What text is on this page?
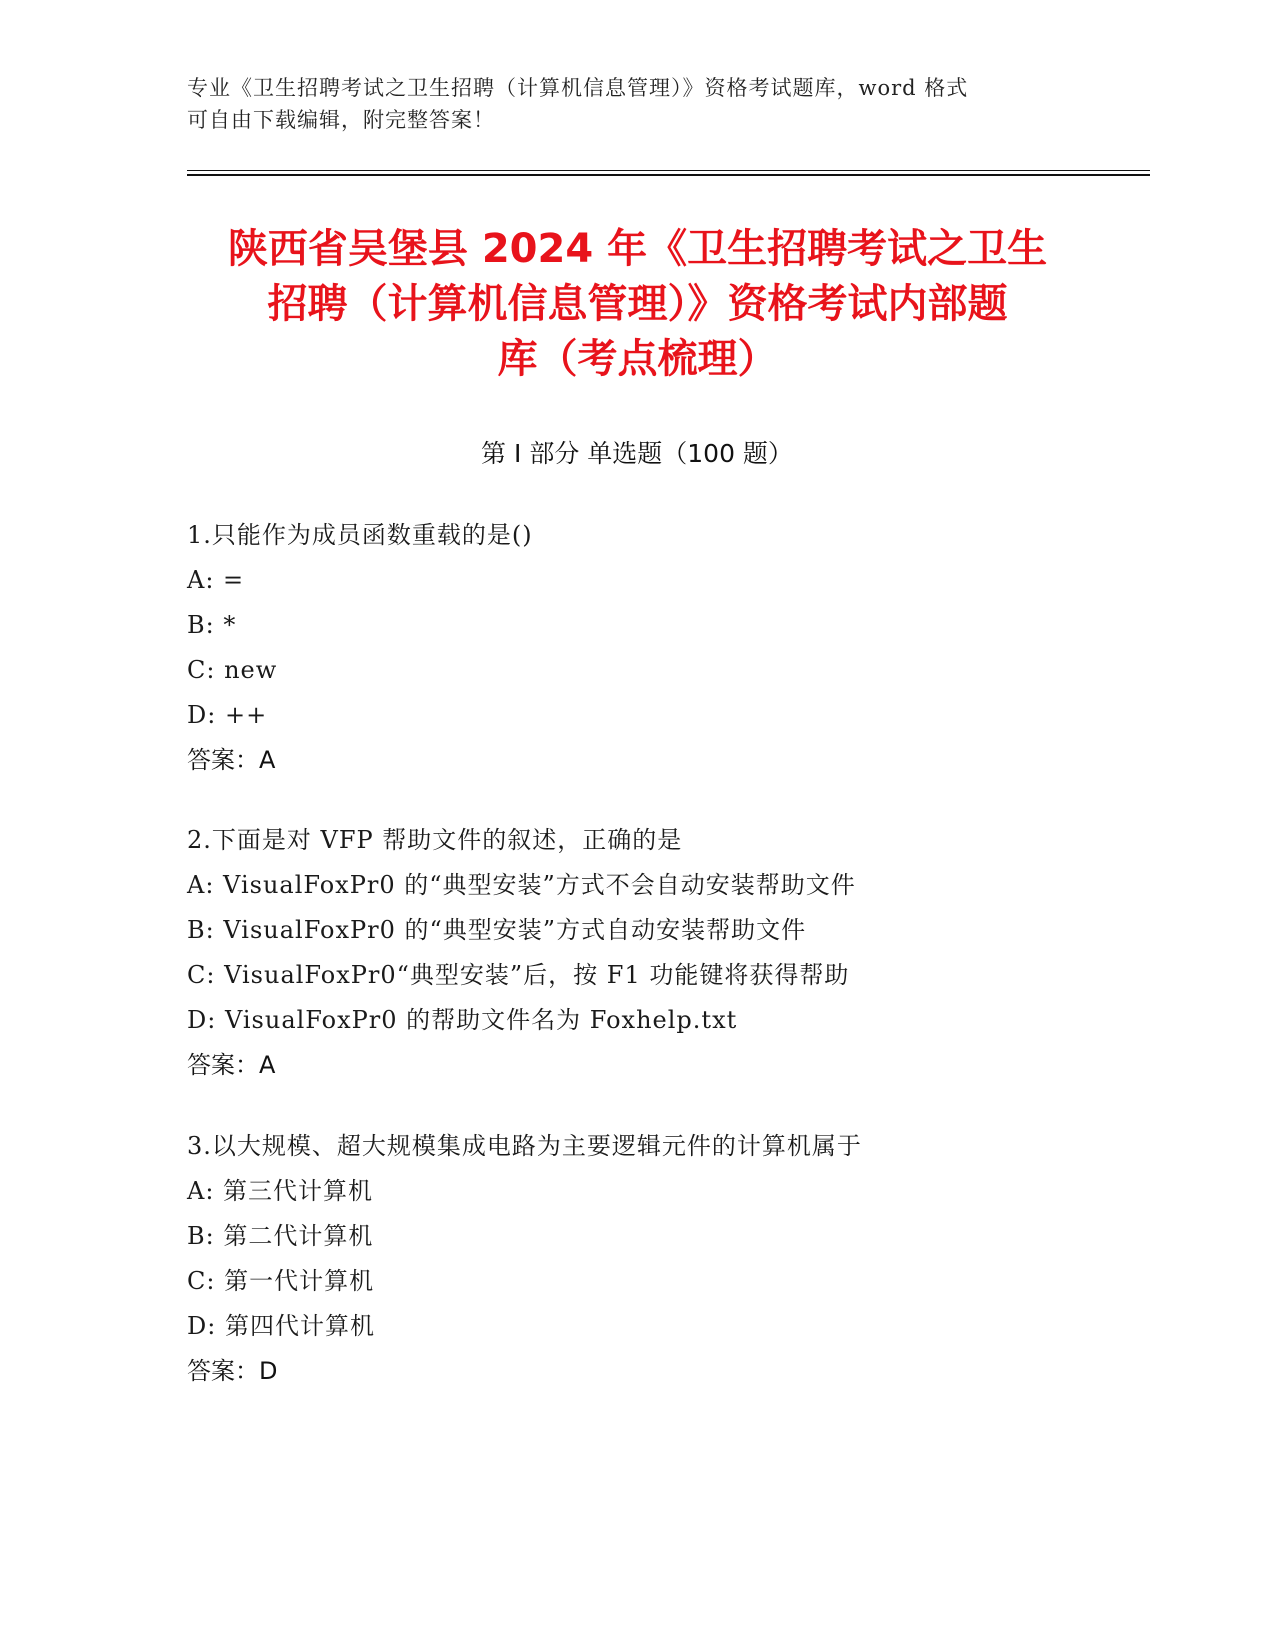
专业《卫生招聘考试之卫生招聘（计算机信息管理）》资格考试题库，word 格式
可自由下载编辑，附完整答案！
陕西省吴堡县 2024 年《卫生招聘考试之卫生
招聘（计算机信息管理）》资格考试内部题
库（考点梳理）
第 I 部分 单选题（100 题）
1.只能作为成员函数重载的是()
A: =
B: *
C: new
D: ++
答案：A
2.下面是对 VFP 帮助文件的叙述，正确的是
A: VisualFoxPr0 的“典型安装”方式不会自动安装帮助文件
B: VisualFoxPr0 的“典型安装”方式自动安装帮助文件
C: VisualFoxPr0“典型安装”后，按 F1 功能键将获得帮助
D: VisualFoxPr0 的帮助文件名为 Foxhelp.txt
答案：A
3.以大规模、超大规模集成电路为主要逻辑元件的计算机属于
A: 第三代计算机
B: 第二代计算机
C: 第一代计算机
D: 第四代计算机
答案：D
